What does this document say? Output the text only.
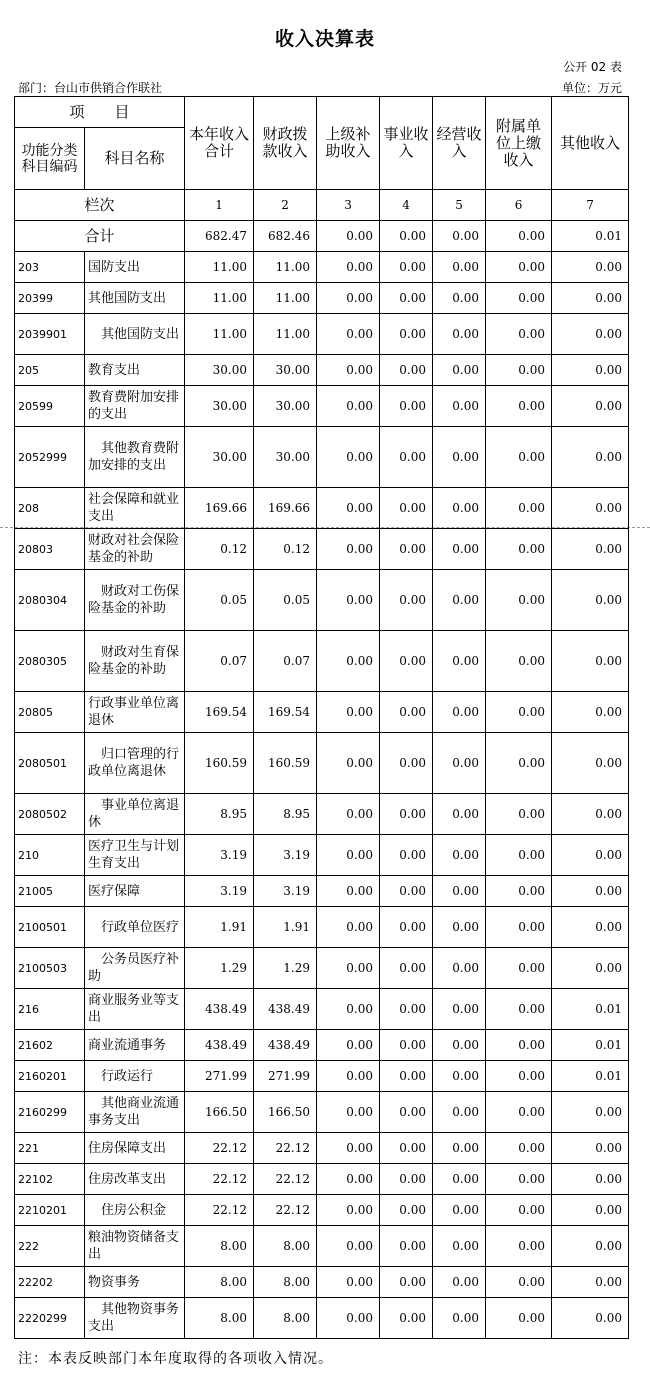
收入决算表
公开 02 表
部门：台山市供销合作联社	单位：万元
项　　目		本年收入合计	财政拨款收入	上级补助收入	事业收入	经营收入	附属单位上缴收入	其他收入
功能分类科目编码	科目名称							
栏次		1	2	3	4	5	6	7
合计		682.47	682.46	0.00	0.00	0.00	0.00	0.01
203	国防支出	11.00	11.00	0.00	0.00	0.00	0.00	0.00
20399	其他国防支出	11.00	11.00	0.00	0.00	0.00	0.00	0.00
2039901	　其他国防支出	11.00	11.00	0.00	0.00	0.00	0.00	0.00
205	教育支出	30.00	30.00	0.00	0.00	0.00	0.00	0.00
20599	教育费附加安排的支出	30.00	30.00	0.00	0.00	0.00	0.00	0.00
2052999	　其他教育费附加安排的支出	30.00	30.00	0.00	0.00	0.00	0.00	0.00
208	社会保障和就业支出	169.66	169.66	0.00	0.00	0.00	0.00	0.00
20803	财政对社会保险基金的补助	0.12	0.12	0.00	0.00	0.00	0.00	0.00
2080304	　财政对工伤保险基金的补助	0.05	0.05	0.00	0.00	0.00	0.00	0.00
2080305	　财政对生育保险基金的补助	0.07	0.07	0.00	0.00	0.00	0.00	0.00
20805	行政事业单位离退休	169.54	169.54	0.00	0.00	0.00	0.00	0.00
2080501	　归口管理的行政单位离退休	160.59	160.59	0.00	0.00	0.00	0.00	0.00
2080502	　事业单位离退休	8.95	8.95	0.00	0.00	0.00	0.00	0.00
210	医疗卫生与计划生育支出	3.19	3.19	0.00	0.00	0.00	0.00	0.00
21005	医疗保障	3.19	3.19	0.00	0.00	0.00	0.00	0.00
2100501	　行政单位医疗	1.91	1.91	0.00	0.00	0.00	0.00	0.00
2100503	　公务员医疗补助	1.29	1.29	0.00	0.00	0.00	0.00	0.00
216	商业服务业等支出	438.49	438.49	0.00	0.00	0.00	0.00	0.01
21602	商业流通事务	438.49	438.49	0.00	0.00	0.00	0.00	0.01
2160201	　行政运行	271.99	271.99	0.00	0.00	0.00	0.00	0.01
2160299	　其他商业流通事务支出	166.50	166.50	0.00	0.00	0.00	0.00	0.00
221	住房保障支出	22.12	22.12	0.00	0.00	0.00	0.00	0.00
22102	住房改革支出	22.12	22.12	0.00	0.00	0.00	0.00	0.00
2210201	　住房公积金	22.12	22.12	0.00	0.00	0.00	0.00	0.00
222	粮油物资储备支出	8.00	8.00	0.00	0.00	0.00	0.00	0.00
22202	物资事务	8.00	8.00	0.00	0.00	0.00	0.00	0.00
2220299	　其他物资事务支出	8.00	8.00	0.00	0.00	0.00	0.00	0.00
注：本表反映部门本年度取得的各项收入情况。
